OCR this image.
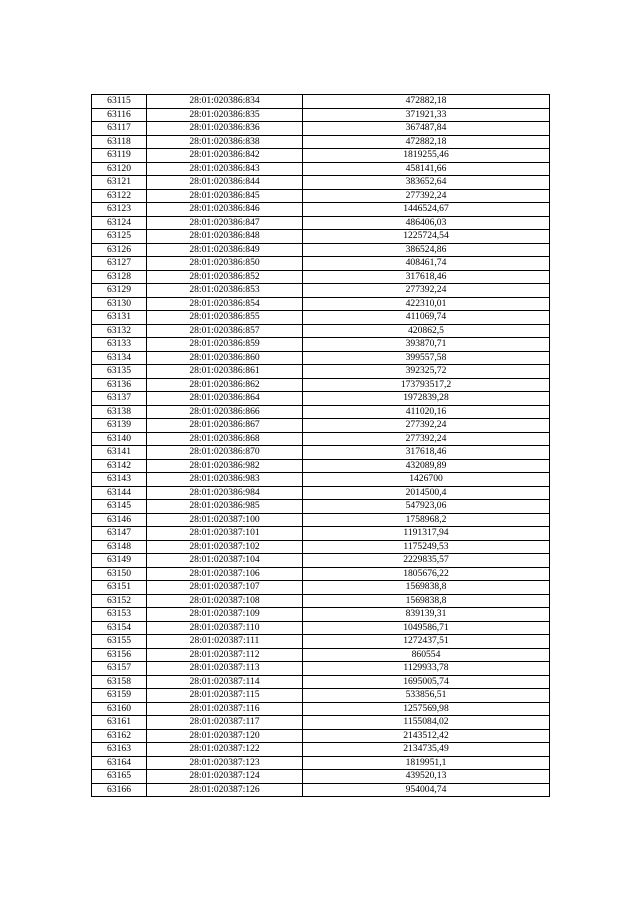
63115	28:01:020386:834	472882,18
63116	28:01:020386:835	371921,33
63117	28:01:020386:836	367487,84
63118	28:01:020386:838	472882,18
63119	28:01:020386:842	1819255,46
63120	28:01:020386:843	458141,66
63121	28:01:020386:844	383652,64
63122	28:01:020386:845	277392,24
63123	28:01:020386:846	1446524,67
63124	28:01:020386:847	486406,03
63125	28:01:020386:848	1225724,54
63126	28:01:020386:849	386524,86
63127	28:01:020386:850	408461,74
63128	28:01:020386:852	317618,46
63129	28:01:020386:853	277392,24
63130	28:01:020386:854	422310,01
63131	28:01:020386:855	411069,74
63132	28:01:020386:857	420862,5
63133	28:01:020386:859	393870,71
63134	28:01:020386:860	399557,58
63135	28:01:020386:861	392325,72
63136	28:01:020386:862	173793517,2
63137	28:01:020386:864	1972839,28
63138	28:01:020386:866	411020,16
63139	28:01:020386:867	277392,24
63140	28:01:020386:868	277392,24
63141	28:01:020386:870	317618,46
63142	28:01:020386:982	432089,89
63143	28:01:020386:983	1426700
63144	28:01:020386:984	2014500,4
63145	28:01:020386:985	547923,06
63146	28:01:020387:100	1758968,2
63147	28:01:020387:101	1191317,94
63148	28:01:020387:102	1175249,53
63149	28:01:020387:104	2229835,57
63150	28:01:020387:106	1805676,22
63151	28:01:020387:107	1569838,8
63152	28:01:020387:108	1569838,8
63153	28:01:020387:109	839139,31
63154	28:01:020387:110	1049586,71
63155	28:01:020387:111	1272437,51
63156	28:01:020387:112	860554
63157	28:01:020387:113	1129933,78
63158	28:01:020387:114	1695005,74
63159	28:01:020387:115	533856,51
63160	28:01:020387:116	1257569,98
63161	28:01:020387:117	1155084,02
63162	28:01:020387:120	2143512,42
63163	28:01:020387:122	2134735,49
63164	28:01:020387:123	1819951,1
63165	28:01:020387:124	439520,13
63166	28:01:020387:126	954004,74
